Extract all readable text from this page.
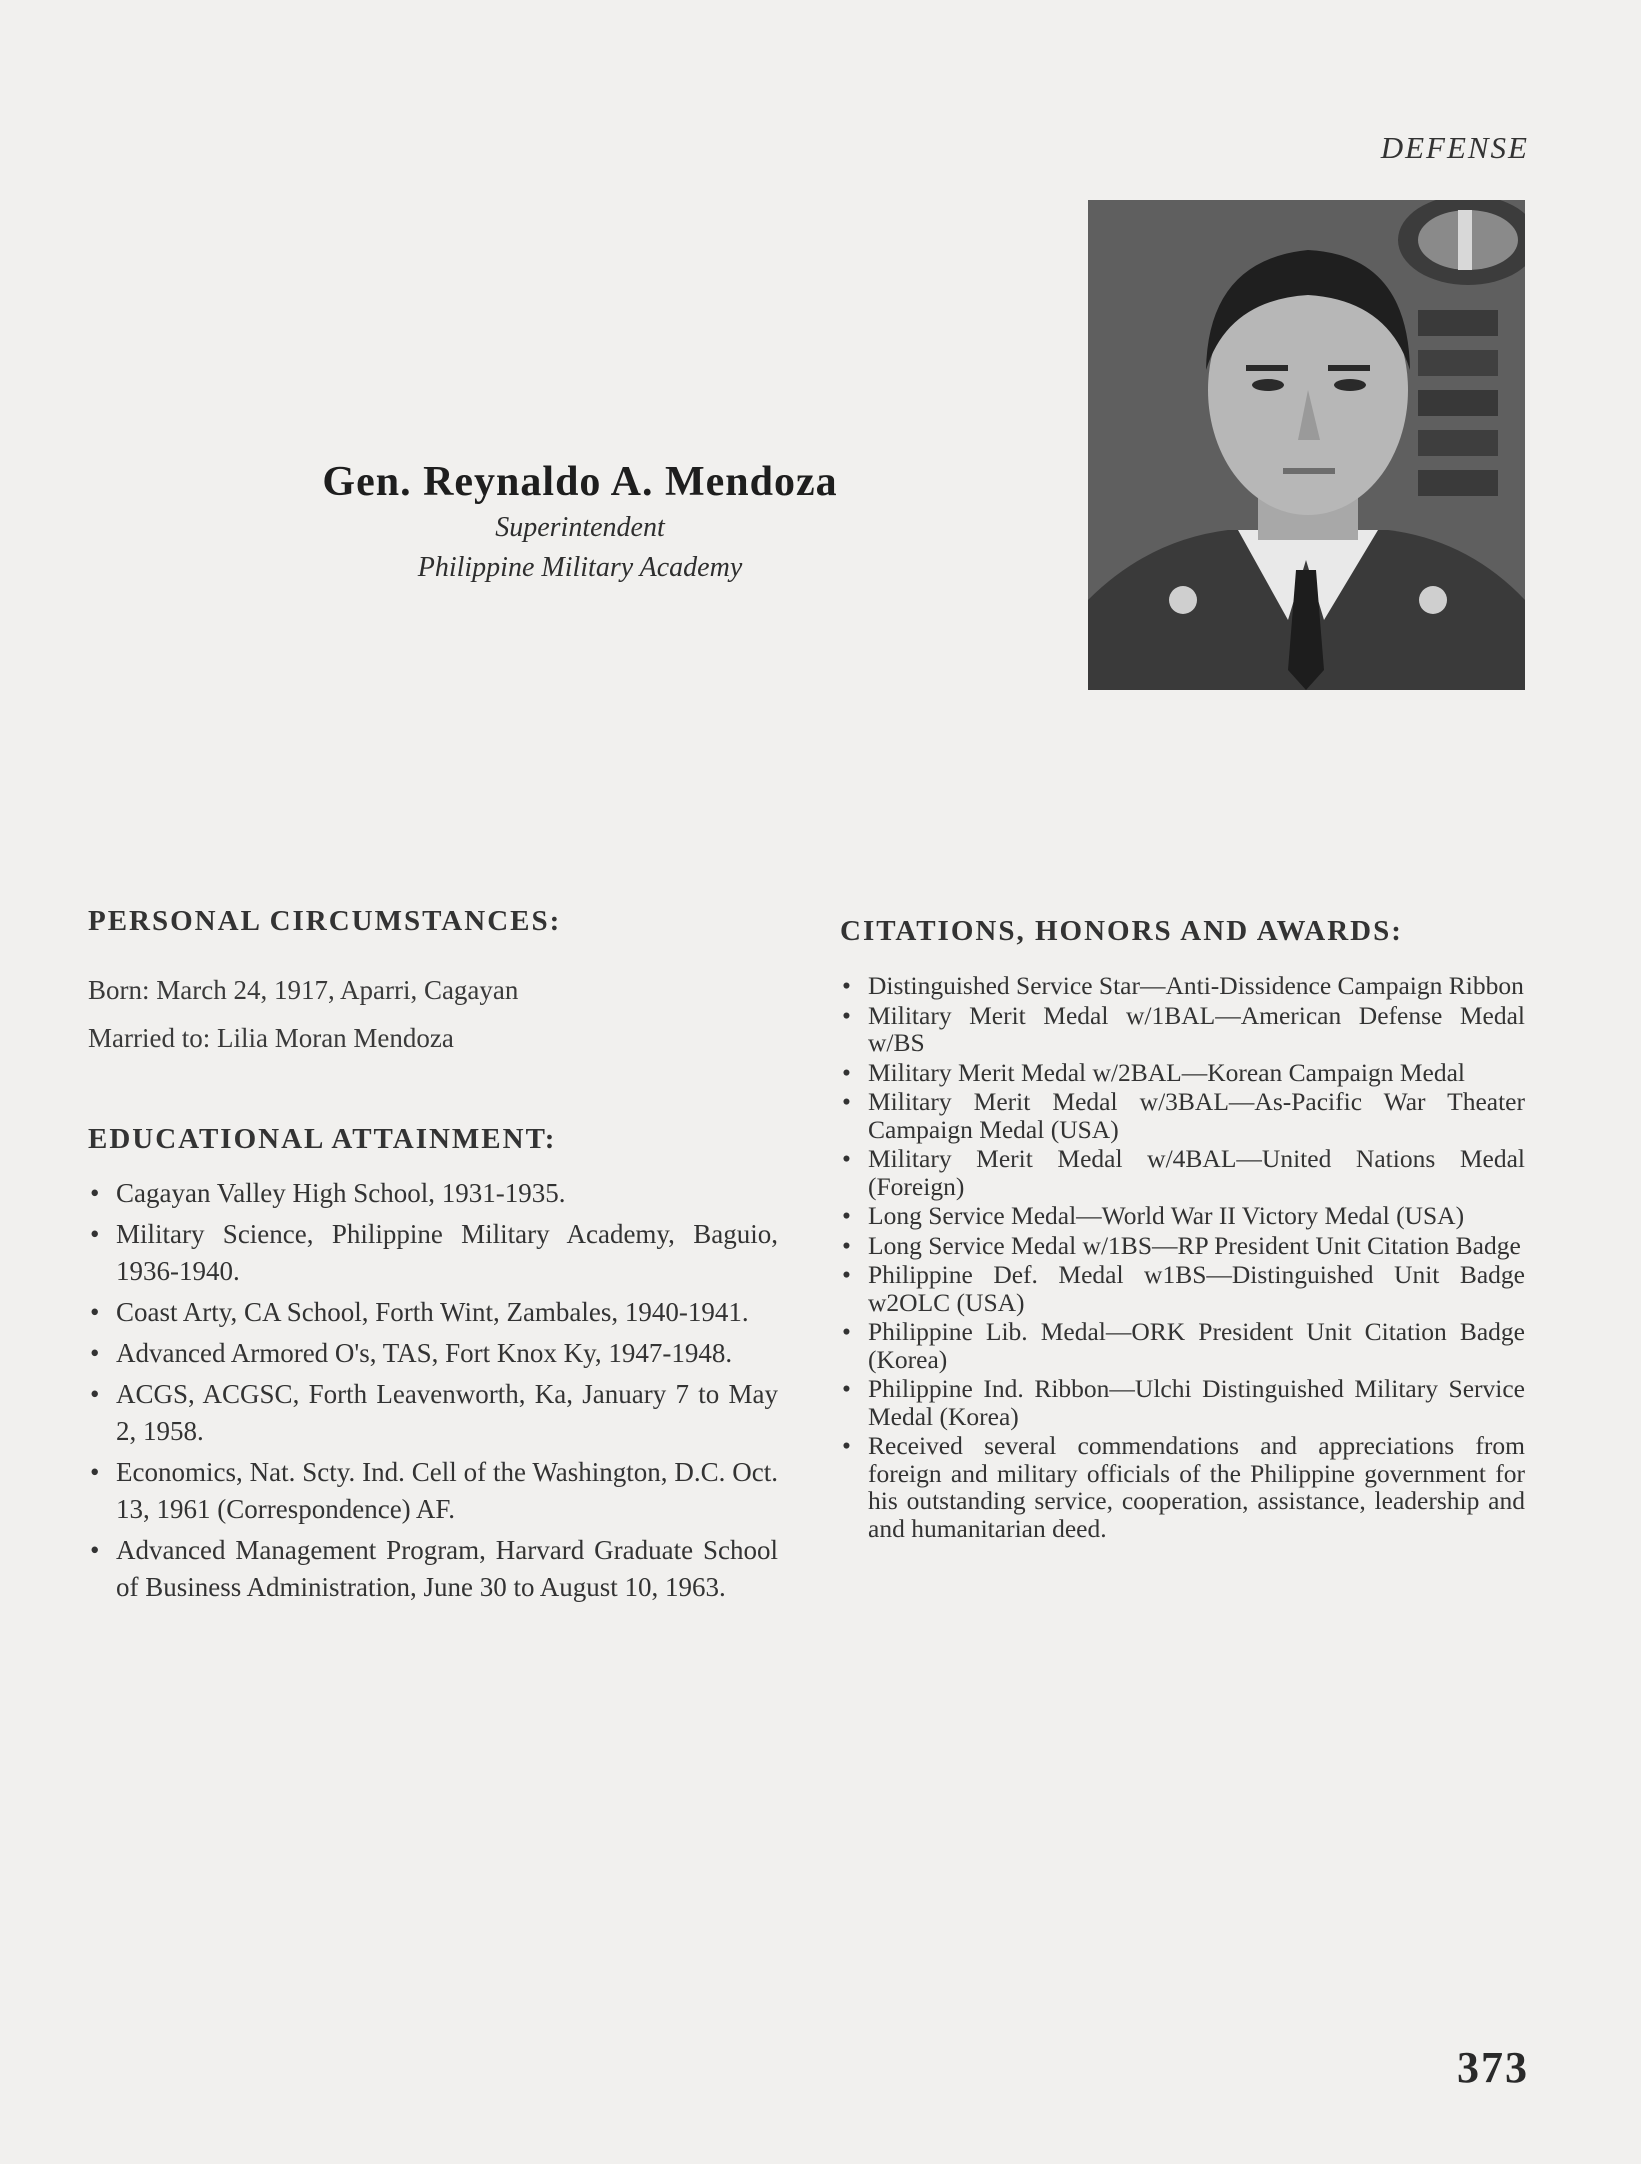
DEFENSE

Gen. Reynaldo A. Mendoza

Superintendent

Philippine Military Academy

PERSONAL CIRCUMSTANCES:

Born: March 24, 1917, Aparri, Cagayan

Married to: Lilia Moran Mendoza

EDUCATIONAL ATTAINMENT:
• Cagayan Valley High School, 1931-1935.
• Military Science, Philippine Military Academy, Baguio, 1936-1940.
• Coast Arty, CA School, Forth Wint, Zambales, 1940-1941.
• Advanced Armored O's, TAS, Fort Knox Ky, 1947-1948.
• ACGS, ACGSC, Forth Leavenworth, Ka, January 7 to May 2, 1958.
• Economics, Nat. Scty. Ind. Cell of the Washington, D.C. Oct. 13, 1961 (Correspondence) AF.
• Advanced Management Program, Harvard Graduate School of Business Administration, June 30 to August 10, 1963.
CITATIONS, HONORS AND AWARDS:
• Distinguished Service Star—Anti-Dissidence Campaign Ribbon
• Military Merit Medal w/1BAL—American Defense Medal w/BS
• Military Merit Medal w/2BAL—Korean Campaign Medal
• Military Merit Medal w/3BAL—As-Pacific War Theater Campaign Medal (USA)
• Military Merit Medal w/4BAL—United Nations Medal (Foreign)
• Long Service Medal—World War II Victory Medal (USA)
• Long Service Medal w/1BS—RP President Unit Citation Badge
• Philippine Def. Medal w1BS—Distinguished Unit Badge w2OLC (USA)
• Philippine Lib. Medal—ORK President Unit Citation Badge (Korea)
• Philippine Ind. Ribbon—Ulchi Distinguished Military Service Medal (Korea)
• Received several commendations and appreciations from foreign and military officials of the Philippine government for his outstanding service, cooperation, assistance, leadership and and humanitarian deed.
373
